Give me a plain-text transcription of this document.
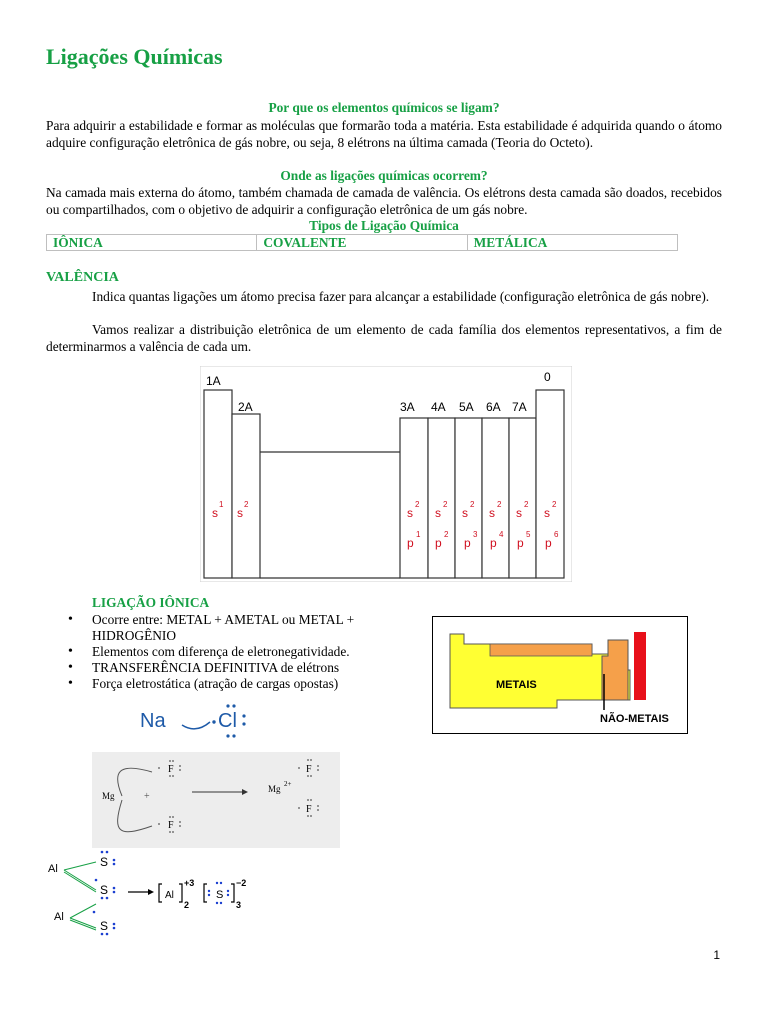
Ligações Químicas
Por que os elementos químicos se ligam?
Para adquirir a estabilidade e formar as moléculas que formarão toda a matéria. Esta estabilidade é adquirida quando o átomo adquire configuração eletrônica de gás nobre, ou seja, 8 elétrons na última camada (Teoria do Octeto).
Onde as ligações químicas ocorrem?
Na camada mais externa do átomo, também chamada de camada de valência. Os elétrons desta camada são doados, recebidos ou compartilhados, com o objetivo de adquirir a configuração eletrônica de um gás nobre.
Tipos de Ligação Química
IÔNICA	COVALENTE	METÁLICA
VALÊNCIA
Indica quantas ligações um átomo precisa fazer para alcançar a estabilidade (configuração eletrônica de gás nobre).
Vamos realizar a distribuição eletrônica de um elemento de cada família dos elementos representativos, a fim de determinarmos a valência de cada um.
1A
2A	3A 4A 5A 6A 7A
0
s
1
s
2
s
2
s
2
s
2
s
2
s
2
s
2
p
1
p
2
p
3
p
4
p
5
p
6
LIGAÇÃO IÔNICA
• Ocorre entre: METAL + AMETAL ou METAL + HIDROGÊNIO
• Elementos com diferença de eletronegatividade.
• TRANSFERÊNCIA DEFINITIVA de elétrons
• Força eletrostática (atração de cargas opostas)
Na	Cl
METAIS
NÃO-METAIS
Mg	+
F
F
Mg 2+
F
F
Al
Al
S
S
S
Al
+3
2
S
−2
3
1
